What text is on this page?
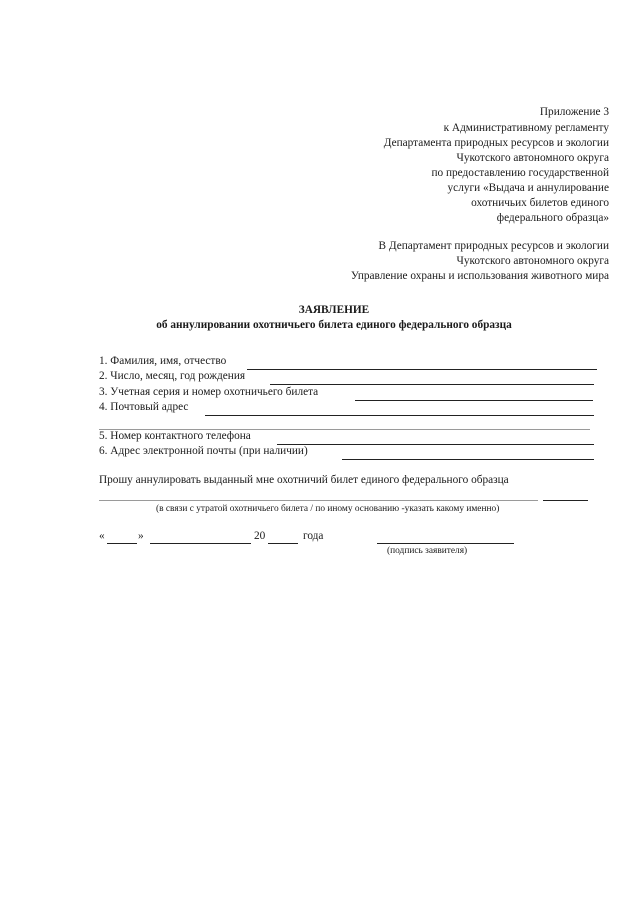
Приложение 3
к Административному регламенту
Департамента природных ресурсов и экологии
Чукотского автономного округа
по предоставлению государственной
услуги «Выдача и аннулирование
охотничьих билетов единого
федерального образца»
В Департамент природных ресурсов и экологии
Чукотского автономного округа
Управление охраны и использования животного мира
ЗАЯВЛЕНИЕ
об аннулировании охотничьего билета единого федерального образца
1. Фамилия, имя, отчество
2. Число, месяц, год рождения
3. Учетная серия и номер охотничьего билета
4. Почтовый адрес
5. Номер контактного телефона
6. Адрес электронной почты (при наличии)
Прошу аннулировать выданный мне охотничий билет единого федерального образца
(в связи с утратой охотничьего билета / по иному основанию -указать какому именно)
«	»	20	года
(подпись заявителя)
